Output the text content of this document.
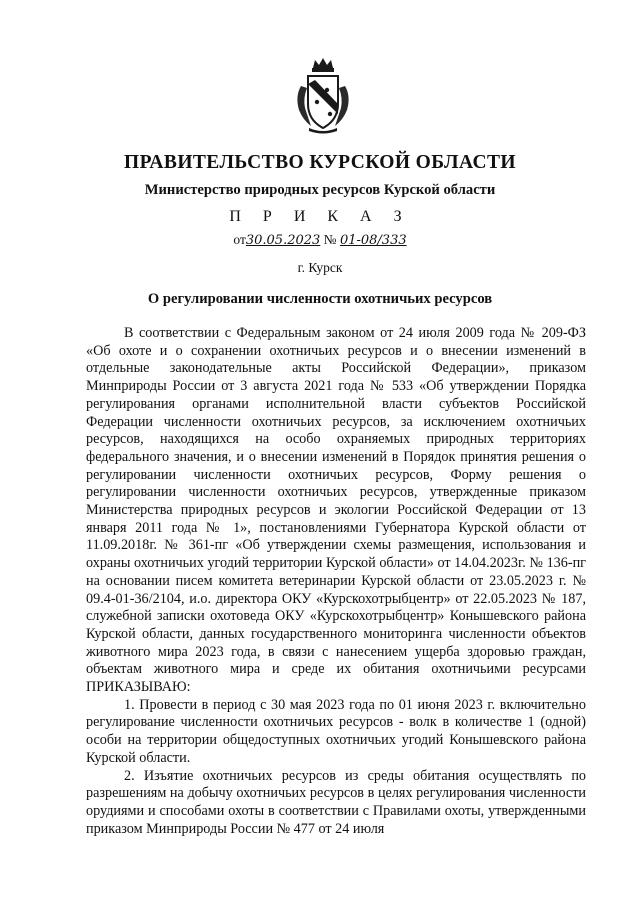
ПРАВИТЕЛЬСТВО КУРСКОЙ ОБЛАСТИ
Министерство природных ресурсов Курской области
П Р И К А З
от30.05.2023 № 01-08/333
г. Курск
О регулировании численности охотничьих ресурсов

В соответствии с Федеральным законом от 24 июля 2009 года № 209-ФЗ «Об охоте и о сохранении охотничьих ресурсов и о внесении изменений в отдельные законодательные акты Российской Федерации», приказом Минприроды России от 3 августа 2021 года № 533 «Об утверждении Порядка регулирования органами исполнительной власти субъектов Российской Федерации численности охотничьих ресурсов, за исключением охотничьих ресурсов, находящихся на особо охраняемых природных территориях федерального значения, и о внесении изменений в Порядок принятия решения о регулировании численности охотничьих ресурсов, Форму решения о регулировании численности охотничьих ресурсов, утвержденные приказом Министерства природных ресурсов и экологии Российской Федерации от 13 января 2011 года № 1», постановлениями Губернатора Курской области от 11.09.2018г. № 361-пг «Об утверждении схемы размещения, использования и охраны охотничьих угодий территории Курской области» от 14.04.2023г. № 136-пг на основании писем комитета ветеринарии Курской области от 23.05.2023 г. № 09.4-01-36/2104, и.о. директора ОКУ «Курскохотрыбцентр» от 22.05.2023 № 187, служебной записки охотоведа ОКУ «Курскохотрыбцентр» Конышевского района Курской области, данных государственного мониторинга численности объектов животного мира 2023 года, в связи с нанесением ущерба здоровью граждан, объектам животного мира и среде их обитания охотничьими ресурсами ПРИКАЗЫВАЮ:

1. Провести в период с 30 мая 2023 года по 01 июня 2023 г. включительно регулирование численности охотничьих ресурсов - волк в количестве 1 (одной) особи на территории общедоступных охотничьих угодий Конышевского района Курской области.

2. Изъятие охотничьих ресурсов из среды обитания осуществлять по разрешениям на добычу охотничьих ресурсов в целях регулирования численности орудиями и способами охоты в соответствии с Правилами охоты, утвержденными приказом Минприроды России № 477 от 24 июля
